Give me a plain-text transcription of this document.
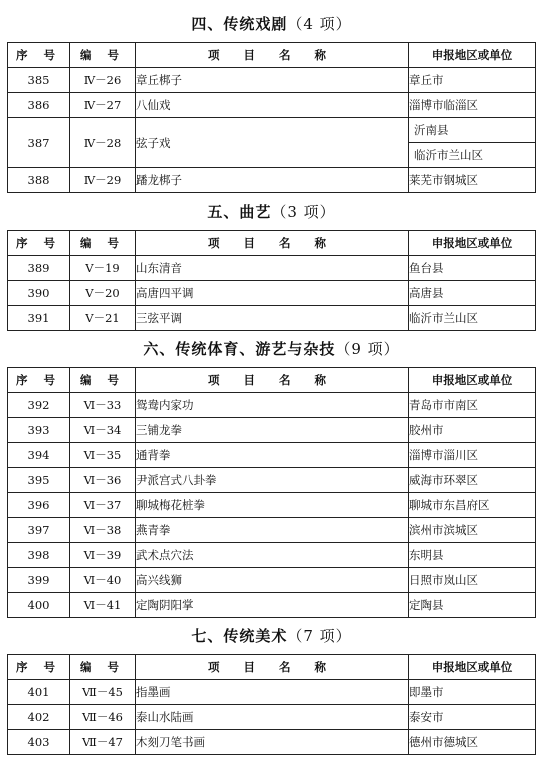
四、传统戏剧（4 项）
序 号	编 号	项 目 名 称	申报地区或单位
385	Ⅳ－26	章丘梆子	章丘市
386	Ⅳ－27	八仙戏	淄博市临淄区
387	Ⅳ－28	弦子戏	沂南县
临沂市兰山区

388	Ⅳ－29	蹯龙梆子	莱芜市钢城区
五、曲艺（3 项）
序 号	编 号	项 目 名 称	申报地区或单位
389	Ⅴ－19	山东清音	鱼台县
390	Ⅴ－20	高唐四平调	高唐县
391	Ⅴ－21	三弦平调	临沂市兰山区
六、传统体育、游艺与杂技（9 项）
序 号	编 号	项 目 名 称	申报地区或单位
392	Ⅵ－33	鸳鸯内家功	青岛市市南区
393	Ⅵ－34	三铺龙拳	胶州市
394	Ⅵ－35	通背拳	淄博市淄川区
395	Ⅵ－36	尹派宫式八卦拳	威海市环翠区
396	Ⅵ－37	聊城梅花桩拳	聊城市东昌府区
397	Ⅵ－38	燕青拳	滨州市滨城区
398	Ⅵ－39	武术点穴法	东明县
399	Ⅵ－40	高兴线狮	日照市岚山区
400	Ⅵ－41	定陶阴阳掌	定陶县
七、传统美术（7 项）
序 号	编 号	项 目 名 称	申报地区或单位
401	Ⅶ－45	指墨画	即墨市
402	Ⅶ－46	泰山水陆画	泰安市
403	Ⅶ－47	木刻刀笔书画	德州市德城区
